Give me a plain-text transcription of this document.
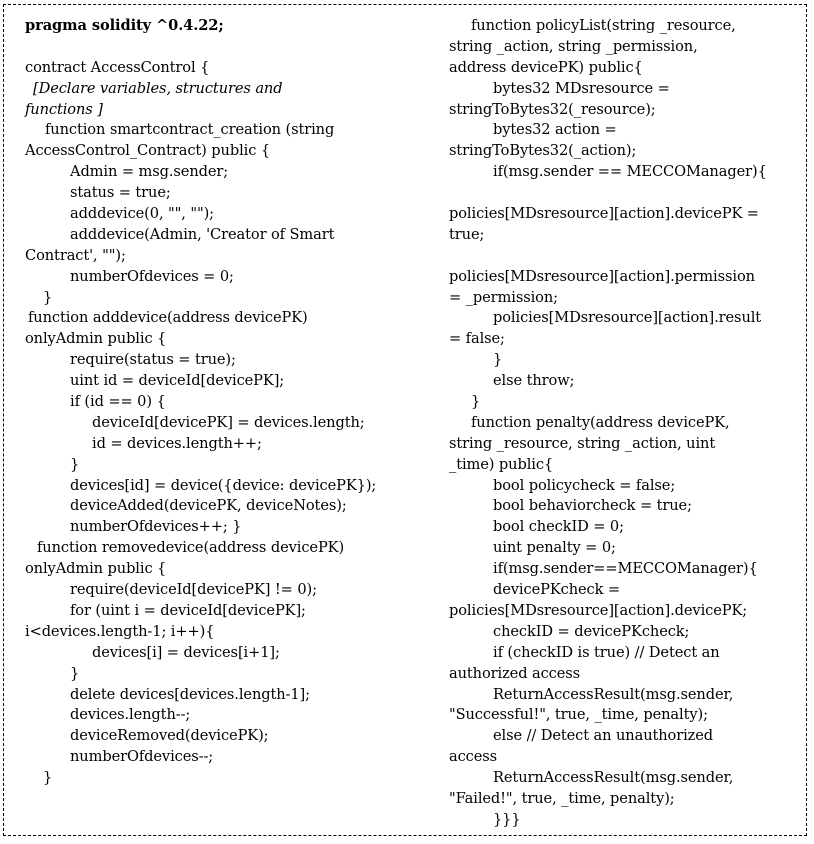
pragma solidity ^0.4.22;
contract AccessControl {
[Declare variables, structures and
functions ]
function smartcontract_creation (string
AccessControl_Contract) public {
Admin = msg.sender;
status = true;
adddevice(0, "", "");
adddevice(Admin, 'Creator of Smart
Contract', "");
numberOfdevices = 0;
}
function adddevice(address devicePK)
onlyAdmin public {
require(status = true);
uint id = deviceId[devicePK];
if (id == 0) {
deviceId[devicePK] = devices.length;
id = devices.length++;
}
devices[id] = device({device: devicePK});
deviceAdded(devicePK, deviceNotes);
numberOfdevices++; }
function removedevice(address devicePK)
onlyAdmin public {
require(deviceId[devicePK] != 0);
for (uint i = deviceId[devicePK];
i<devices.length-1; i++){
devices[i] = devices[i+1];
}
delete devices[devices.length-1];
devices.length--;
deviceRemoved(devicePK);
numberOfdevices--;
}
function policyList(string _resource,
string _action, string _permission,
address devicePK) public{
bytes32 MDsresource =
stringToBytes32(_resource);
bytes32 action =
stringToBytes32(_action);
if(msg.sender == MECCOManager){
policies[MDsresource][action].devicePK =
true;
policies[MDsresource][action].permission
= _permission;
policies[MDsresource][action].result
= false;
}
else throw;
}
function penalty(address devicePK,
string _resource, string _action, uint
_time) public{
bool policycheck = false;
bool behaviorcheck = true;
bool checkID = 0;
uint penalty = 0;
if(msg.sender==MECCOManager){
devicePKcheck =
policies[MDsresource][action].devicePK;
checkID = devicePKcheck;
if (checkID is true) // Detect an
authorized access
ReturnAccessResult(msg.sender,
"Successful!", true, _time, penalty);
else // Detect an unauthorized
access
ReturnAccessResult(msg.sender,
"Failed!", true, _time, penalty);
}}}
